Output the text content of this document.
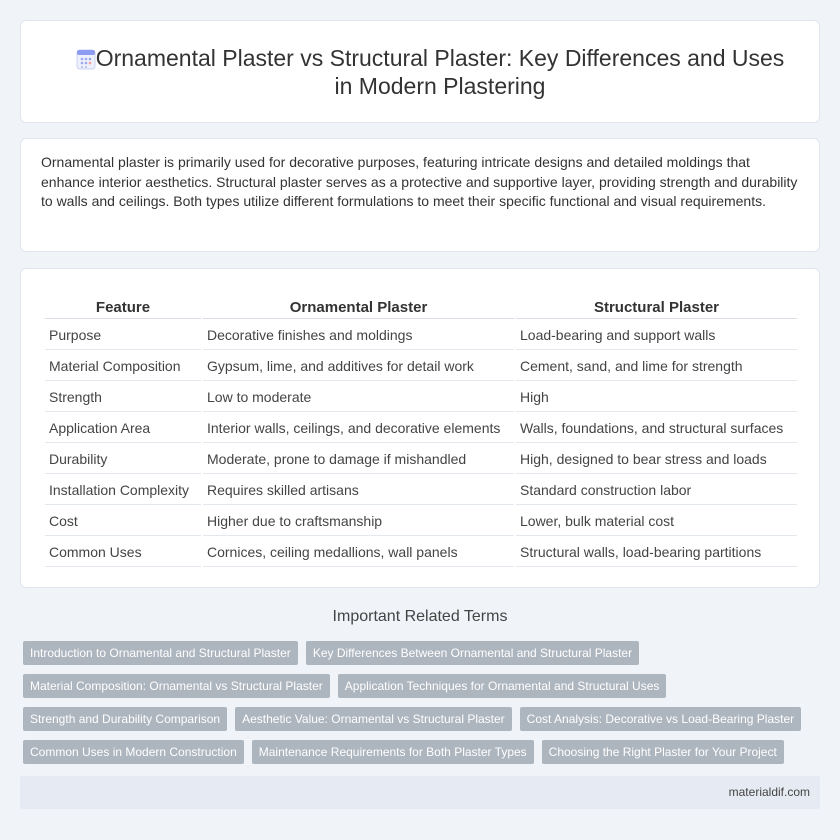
Ornamental Plaster vs Structural Plaster: Key Differences and Uses in Modern Plastering

Ornamental plaster is primarily used for decorative purposes, featuring intricate designs and detailed moldings that enhance interior aesthetics. Structural plaster serves as a protective and supportive layer, providing strength and durability to walls and ceilings. Both types utilize different formulations to meet their specific functional and visual requirements.

Feature	Ornamental Plaster	Structural Plaster
Purpose	Decorative finishes and moldings	Load-bearing and support walls
Material Composition	Gypsum, lime, and additives for detail work	Cement, sand, and lime for strength
Strength	Low to moderate	High
Application Area	Interior walls, ceilings, and decorative elements	Walls, foundations, and structural surfaces
Durability	Moderate, prone to damage if mishandled	High, designed to bear stress and loads
Installation Complexity	Requires skilled artisans	Standard construction labor
Cost	Higher due to craftsmanship	Lower, bulk material cost
Common Uses	Cornices, ceiling medallions, wall panels	Structural walls, load-bearing partitions
Important Related Terms
Introduction to Ornamental and Structural Plaster	Key Differences Between Ornamental and Structural Plaster
Material Composition: Ornamental vs Structural Plaster	Application Techniques for Ornamental and Structural Uses
Strength and Durability Comparison	Aesthetic Value: Ornamental vs Structural Plaster	Cost Analysis: Decorative vs Load-Bearing Plaster
Common Uses in Modern Construction	Maintenance Requirements for Both Plaster Types	Choosing the Right Plaster for Your Project
materialdif.com
